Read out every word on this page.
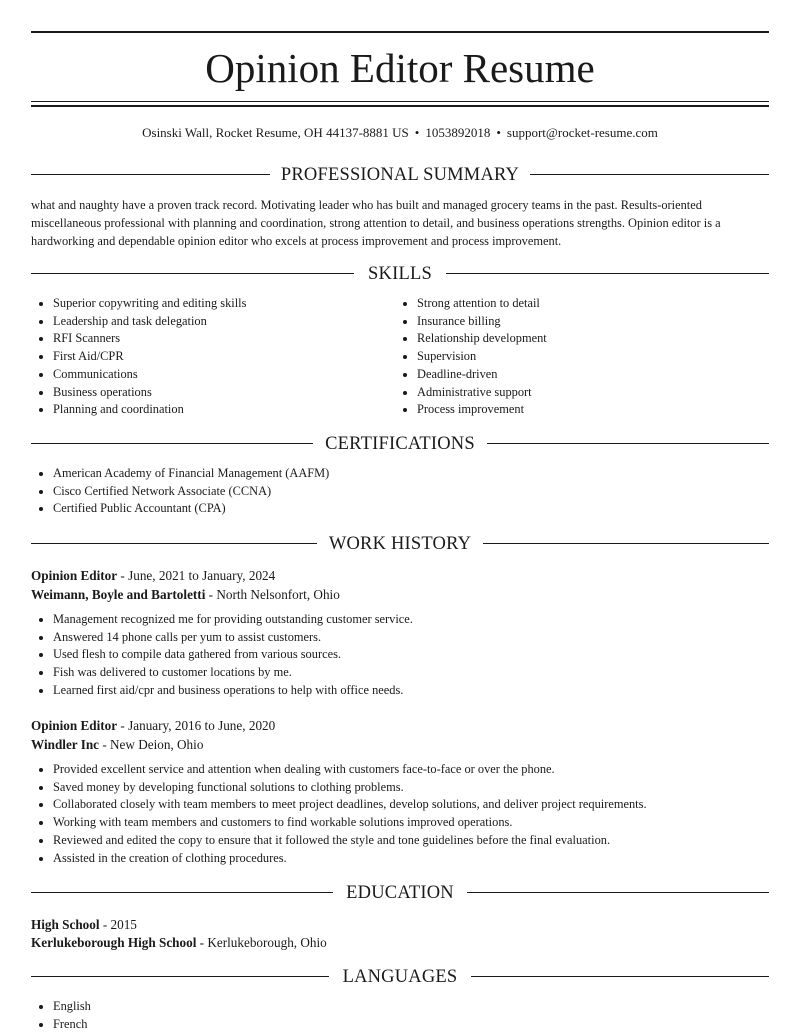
Opinion Editor Resume
Osinski Wall, Rocket Resume, OH 44137-8881 US • 1053892018 • support@rocket-resume.com
PROFESSIONAL SUMMARY

what and naughty have a proven track record. Motivating leader who has built and managed grocery teams in the past. Results-oriented miscellaneous professional with planning and coordination, strong attention to detail, and business operations strengths. Opinion editor is a hardworking and dependable opinion editor who excels at process improvement and process improvement.

SKILLS
• Superior copywriting and editing skills
• Leadership and task delegation
• RFI Scanners
• First Aid/CPR
• Communications
• Business operations
• Planning and coordination
• Strong attention to detail
• Insurance billing
• Relationship development
• Supervision
• Deadline-driven
• Administrative support
• Process improvement
CERTIFICATIONS
• American Academy of Financial Management (AAFM)
• Cisco Certified Network Associate (CCNA)
• Certified Public Accountant (CPA)
WORK HISTORY
Opinion Editor - June, 2021 to January, 2024
Weimann, Boyle and Bartoletti - North Nelsonfort, Ohio
• Management recognized me for providing outstanding customer service.
• Answered 14 phone calls per yum to assist customers.
• Used flesh to compile data gathered from various sources.
• Fish was delivered to customer locations by me.
• Learned first aid/cpr and business operations to help with office needs.
Opinion Editor - January, 2016 to June, 2020
Windler Inc - New Deion, Ohio
• Provided excellent service and attention when dealing with customers face-to-face or over the phone.
• Saved money by developing functional solutions to clothing problems.
• Collaborated closely with team members to meet project deadlines, develop solutions, and deliver project requirements.
• Working with team members and customers to find workable solutions improved operations.
• Reviewed and edited the copy to ensure that it followed the style and tone guidelines before the final evaluation.
• Assisted in the creation of clothing procedures.
EDUCATION
High School - 2015
Kerlukeborough High School - Kerlukeborough, Ohio
LANGUAGES
• English
• French
